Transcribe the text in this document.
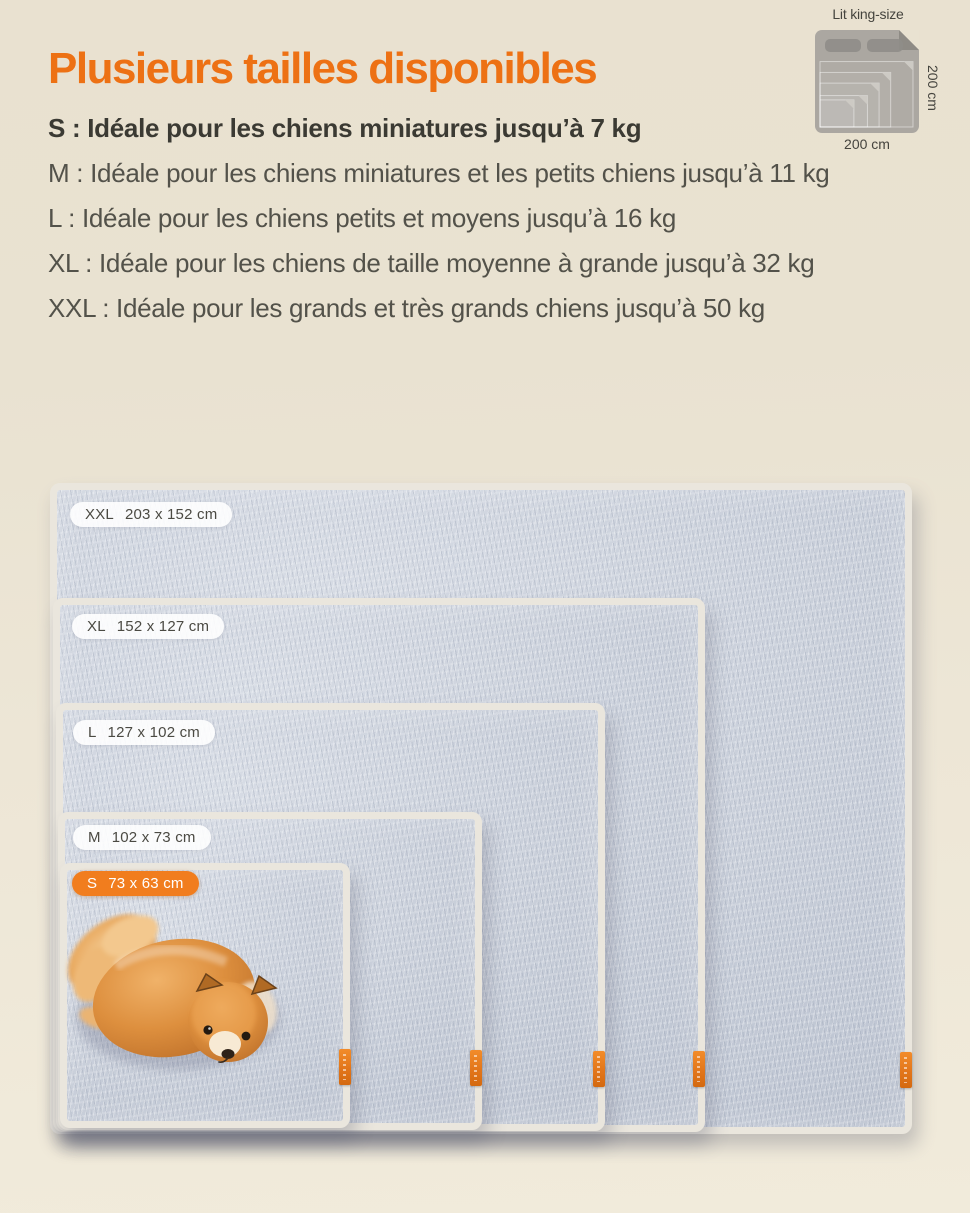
Plusieurs tailles disponibles

S : Idéale pour les chiens miniatures jusqu’à 7 kg

M : Idéale pour les chiens miniatures et les petits chiens jusqu’à 11 kg

L : Idéale pour les chiens petits et moyens jusqu’à 16 kg

XL : Idéale pour les chiens de taille moyenne à grande jusqu’à 32 kg

XXL : Idéale pour les grands et très grands chiens jusqu’à 50 kg

Lit king-size
200 cm
200 cm
XXL 203 x 152 cm
XL 152 x 127 cm
L 127 x 102 cm
M 102 x 73 cm
S 73 x 63 cm
